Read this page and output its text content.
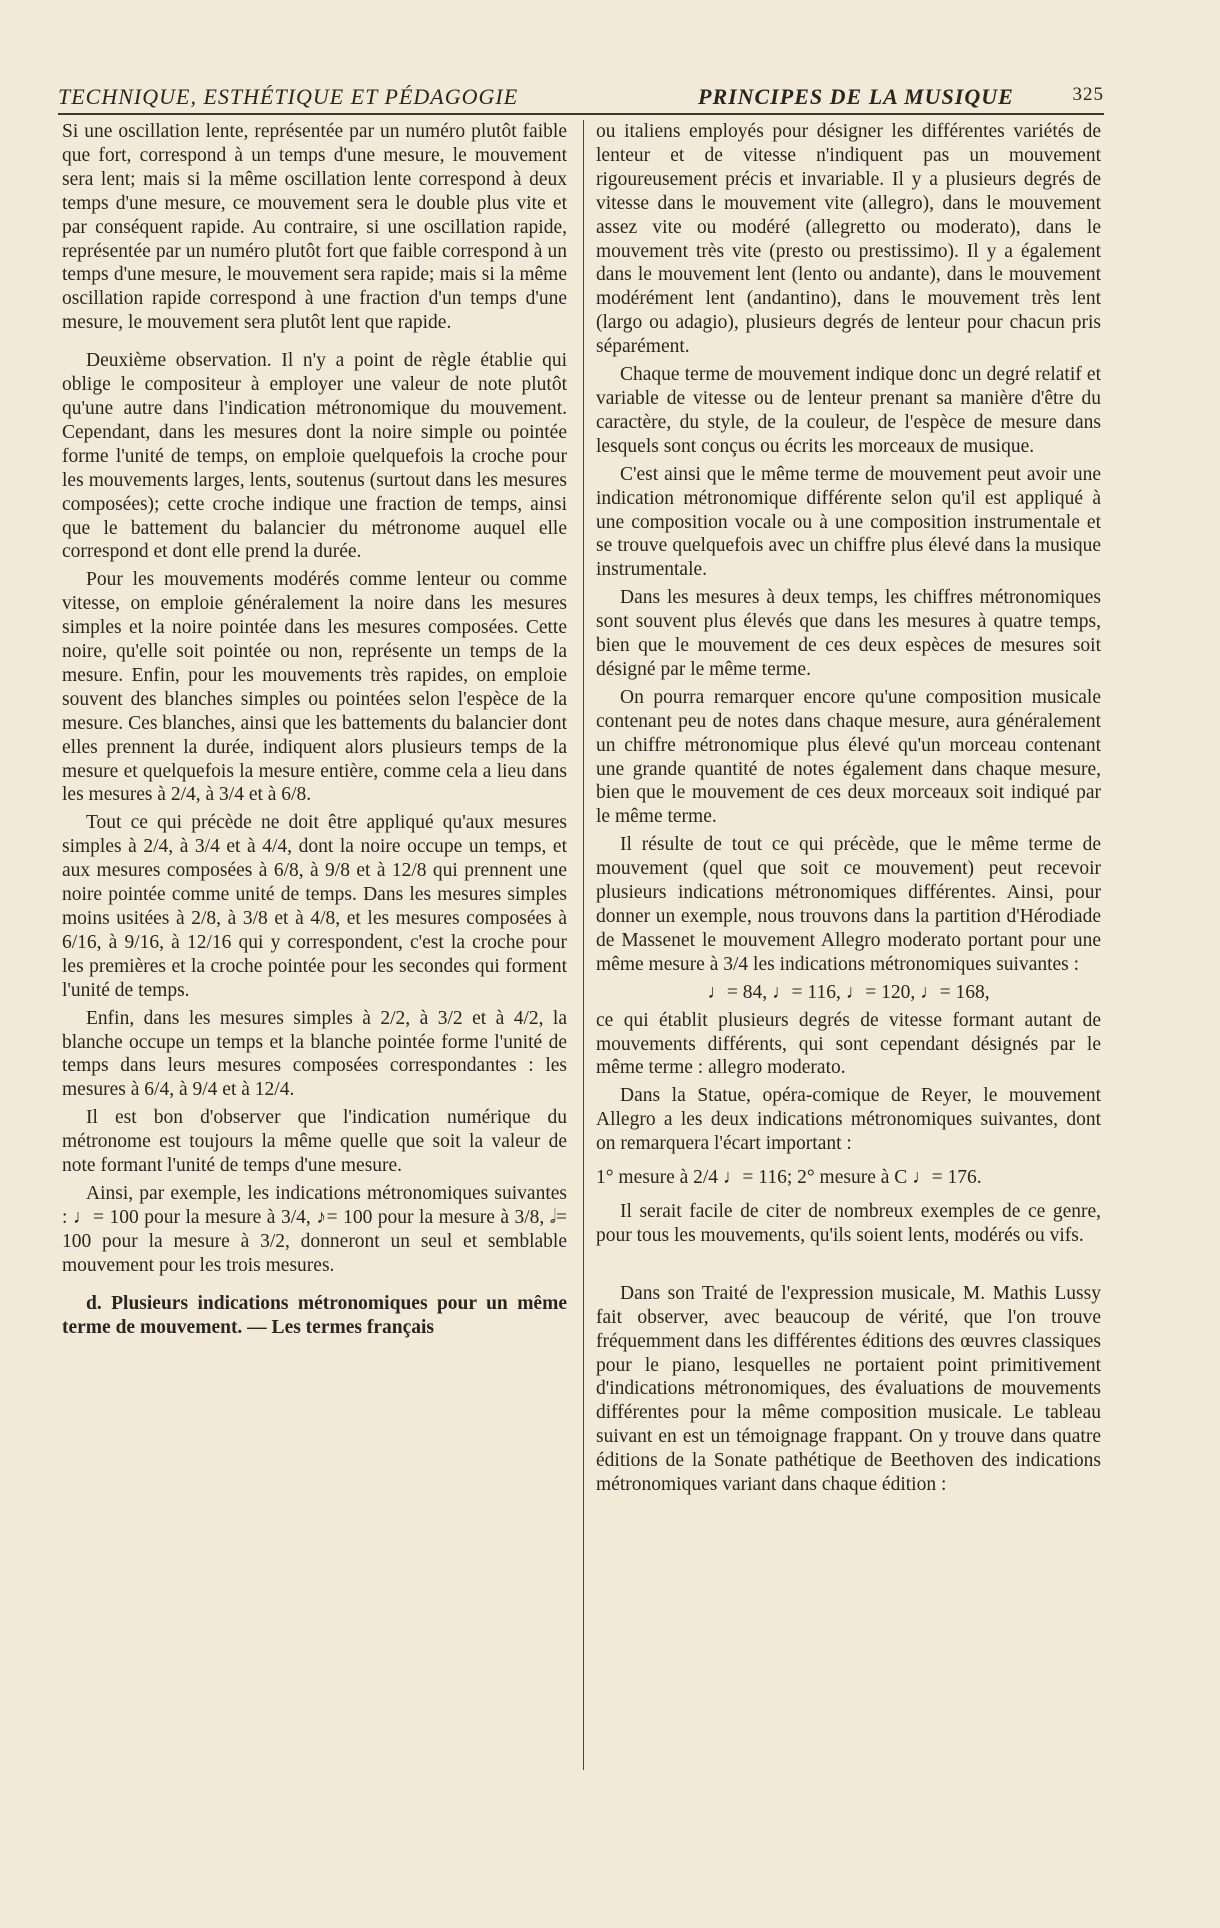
TECHNIQUE, ESTHÉTIQUE ET PÉDAGOGIE	PRINCIPES DE LA MUSIQUE	325

Si une oscillation lente, représentée par un numéro plutôt faible que fort, correspond à un temps d'une mesure, le mouvement sera lent; mais si la même oscillation lente correspond à deux temps d'une mesure, ce mouvement sera le double plus vite et par conséquent rapide. Au contraire, si une oscillation rapide, représentée par un numéro plutôt fort que faible correspond à un temps d'une mesure, le mouvement sera rapide; mais si la même oscillation rapide correspond à une fraction d'un temps d'une mesure, le mouvement sera plutôt lent que rapide.

Deuxième observation. Il n'y a point de règle établie qui oblige le compositeur à employer une valeur de note plutôt qu'une autre dans l'indication métronomique du mouvement. Cependant, dans les mesures dont la noire simple ou pointée forme l'unité de temps, on emploie quelquefois la croche pour les mouvements larges, lents, soutenus (surtout dans les mesures composées); cette croche indique une fraction de temps, ainsi que le battement du balancier du métronome auquel elle correspond et dont elle prend la durée.

Pour les mouvements modérés comme lenteur ou comme vitesse, on emploie généralement la noire dans les mesures simples et la noire pointée dans les mesures composées. Cette noire, qu'elle soit pointée ou non, représente un temps de la mesure. Enfin, pour les mouvements très rapides, on emploie souvent des blanches simples ou pointées selon l'espèce de la mesure. Ces blanches, ainsi que les battements du balancier dont elles prennent la durée, indiquent alors plusieurs temps de la mesure et quelquefois la mesure entière, comme cela a lieu dans les mesures à 2/4, à 3/4 et à 6/8.

Tout ce qui précède ne doit être appliqué qu'aux mesures simples à 2/4, à 3/4 et à 4/4, dont la noire occupe un temps, et aux mesures composées à 6/8, à 9/8 et à 12/8 qui prennent une noire pointée comme unité de temps. Dans les mesures simples moins usitées à 2/8, à 3/8 et à 4/8, et les mesures composées à 6/16, à 9/16, à 12/16 qui y correspondent, c'est la croche pour les premières et la croche pointée pour les secondes qui forment l'unité de temps.

Enfin, dans les mesures simples à 2/2, à 3/2 et à 4/2, la blanche occupe un temps et la blanche pointée forme l'unité de temps dans leurs mesures composées correspondantes : les mesures à 6/4, à 9/4 et à 12/4.

Il est bon d'observer que l'indication numérique du métronome est toujours la même quelle que soit la valeur de note formant l'unité de temps d'une mesure.

Ainsi, par exemple, les indications métronomiques suivantes : ♩= 100 pour la mesure à 3/4, ♪= 100 pour la mesure à 3/8, 𝅗𝅥= 100 pour la mesure à 3/2, donneront un seul et semblable mouvement pour les trois mesures.

d. Plusieurs indications métronomiques pour un même terme de mouvement. — Les termes français

ou italiens employés pour désigner les différentes variétés de lenteur et de vitesse n'indiquent pas un mouvement rigoureusement précis et invariable. Il y a plusieurs degrés de vitesse dans le mouvement vite (allegro), dans le mouvement assez vite ou modéré (allegretto ou moderato), dans le mouvement très vite (presto ou prestissimo). Il y a également dans le mouvement lent (lento ou andante), dans le mouvement modérément lent (andantino), dans le mouvement très lent (largo ou adagio), plusieurs degrés de lenteur pour chacun pris séparément.

Chaque terme de mouvement indique donc un degré relatif et variable de vitesse ou de lenteur prenant sa manière d'être du caractère, du style, de la couleur, de l'espèce de mesure dans lesquels sont conçus ou écrits les morceaux de musique.

C'est ainsi que le même terme de mouvement peut avoir une indication métronomique différente selon qu'il est appliqué à une composition vocale ou à une composition instrumentale et se trouve quelquefois avec un chiffre plus élevé dans la musique instrumentale.

Dans les mesures à deux temps, les chiffres métronomiques sont souvent plus élevés que dans les mesures à quatre temps, bien que le mouvement de ces deux espèces de mesures soit désigné par le même terme.

On pourra remarquer encore qu'une composition musicale contenant peu de notes dans chaque mesure, aura généralement un chiffre métronomique plus élevé qu'un morceau contenant une grande quantité de notes également dans chaque mesure, bien que le mouvement de ces deux morceaux soit indiqué par le même terme.

Il résulte de tout ce qui précède, que le même terme de mouvement (quel que soit ce mouvement) peut recevoir plusieurs indications métronomiques différentes. Ainsi, pour donner un exemple, nous trouvons dans la partition d'Hérodiade de Massenet le mouvement Allegro moderato portant pour une même mesure à 3/4 les indications métronomiques suivantes :

♩= 84, ♩= 116, ♩= 120, ♩= 168,

ce qui établit plusieurs degrés de vitesse formant autant de mouvements différents, qui sont cependant désignés par le même terme : allegro moderato.

Dans la Statue, opéra-comique de Reyer, le mouvement Allegro a les deux indications métronomiques suivantes, dont on remarquera l'écart important :

1° mesure à 2/4 ♩= 116; 2° mesure à C ♩= 176.

Il serait facile de citer de nombreux exemples de ce genre, pour tous les mouvements, qu'ils soient lents, modérés ou vifs.

Dans son Traité de l'expression musicale, M. Mathis Lussy fait observer, avec beaucoup de vérité, que l'on trouve fréquemment dans les différentes éditions des œuvres classiques pour le piano, lesquelles ne portaient point primitivement d'indications métronomiques, des évaluations de mouvements différentes pour la même composition musicale. Le tableau suivant en est un témoignage frappant. On y trouve dans quatre éditions de la Sonate pathétique de Beethoven des indications métronomiques variant dans chaque édition :
